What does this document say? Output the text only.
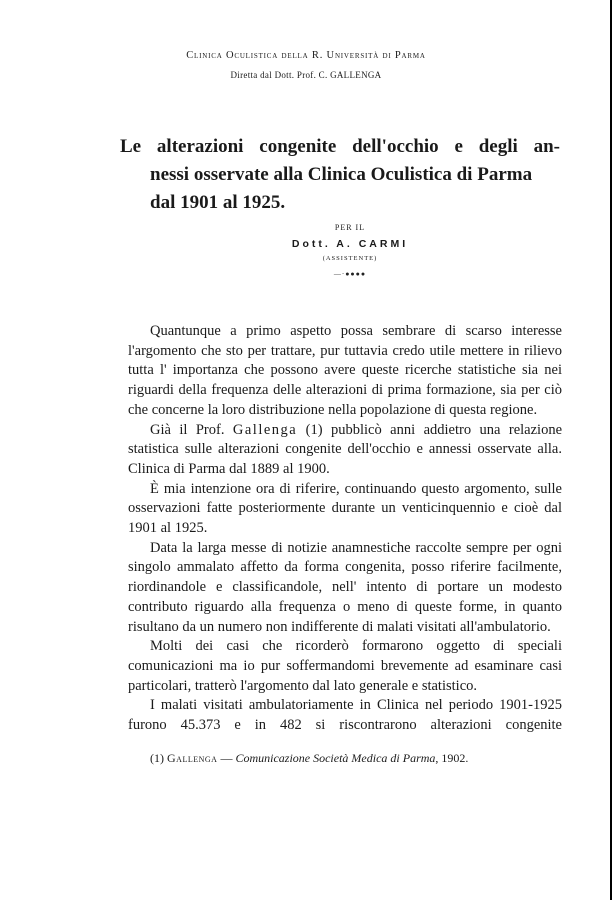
Clinica Oculistica della R. Università di Parma
Diretta dal Dott. Prof. C. GALLENGA
Le alterazioni congenite dell'occhio e degli an-
nessi osservate alla Clinica Oculistica di Parma
dal 1901 al 1925.
PER IL
Dott. A. CARMI
(ASSISTENTE)
—·●●●●

Quantunque a primo aspetto possa sembrare di scarso interesse l'argomento che sto per trattare, pur tuttavia credo utile mettere in rilievo tutta l' importanza che possono avere queste ricerche statistiche sia nei riguardi della frequenza delle alterazioni di prima formazione, sia per ciò che concerne la loro distribuzione nella popolazione di questa regione.

Già il Prof. Gallenga (1) pubblicò anni addietro una relazione statistica sulle alterazioni congenite dell'occhio e annessi osservate alla. Clinica di Parma dal 1889 al 1900.

È mia intenzione ora di riferire, continuando questo argomento, sulle osservazioni fatte posteriormente durante un venticinquennio e cioè dal 1901 al 1925.

Data la larga messe di notizie anamnestiche raccolte sempre per ogni singolo ammalato affetto da forma congenita, posso riferire facilmente, riordinandole e classificandole, nell' intento di portare un modesto contributo riguardo alla frequenza o meno di queste forme, in quanto risultano da un numero non indifferente di malati visitati all'ambulatorio.

Molti dei casi che ricorderò formarono oggetto di speciali comunicazioni ma io pur soffermandomi brevemente ad esaminare casi particolari, tratterò l'argomento dal lato generale e statistico.

I malati visitati ambulatoriamente in Clinica nel periodo 1901-1925 furono 45.373 e in 482 si riscontrarono alterazioni congenite

(1) Gallenga — Comunicazione Società Medica di Parma, 1902.
